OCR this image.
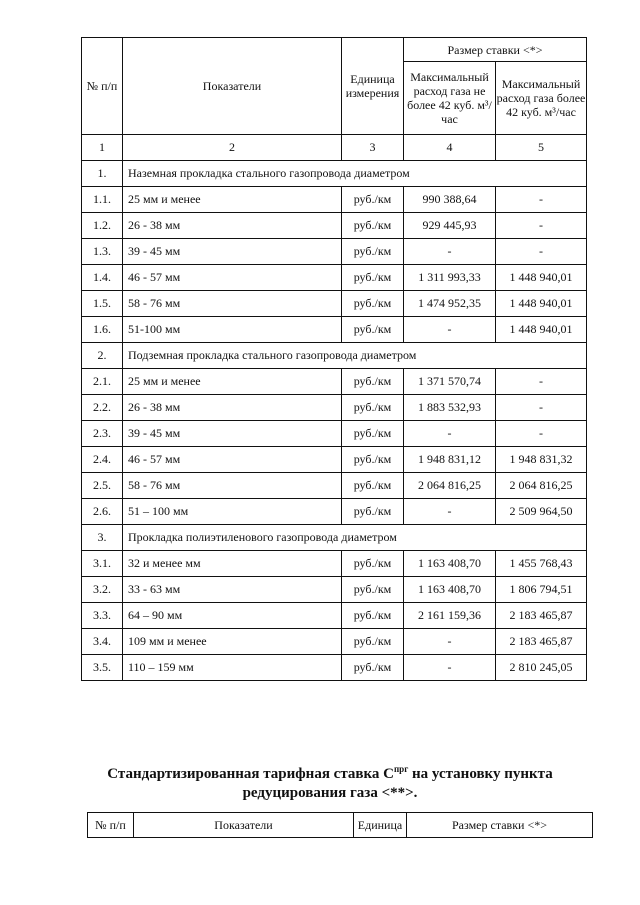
№ п/п	Показатели	Единица измерения	Размер ставки <*>	
			Максимальный расход газа не более 42 куб. м³/час	Максимальный расход газа более 42 куб. м³/час
1	2	3	4	5
1.	Наземная прокладка стального газопровода диаметром			
1.1.	25 мм и менее	руб./км	990 388,64	-
1.2.	26 - 38 мм	руб./км	929 445,93	-
1.3.	39 - 45 мм	руб./км	-	-
1.4.	46 - 57 мм	руб./км	1 311 993,33	1 448 940,01
1.5.	58 - 76 мм	руб./км	1 474 952,35	1 448 940,01
1.6.	51-100 мм	руб./км	-	1 448 940,01
2.	Подземная прокладка стального газопровода диаметром			
2.1.	25 мм и менее	руб./км	1 371 570,74	-
2.2.	26 - 38 мм	руб./км	1 883 532,93	-
2.3.	39 - 45 мм	руб./км	-	-
2.4.	46 - 57 мм	руб./км	1 948 831,12	1 948 831,32
2.5.	58 - 76 мм	руб./км	2 064 816,25	2 064 816,25
2.6.	51 – 100 мм	руб./км	-	2 509 964,50
3.	Прокладка полиэтиленового газопровода диаметром			
3.1.	32 и менее мм	руб./км	1 163 408,70	1 455 768,43
3.2.	33 - 63 мм	руб./км	1 163 408,70	1 806 794,51
3.3.	64 – 90 мм	руб./км	2 161 159,36	2 183 465,87
3.4.	109 мм и менее	руб./км	-	2 183 465,87
3.5.	110 – 159 мм	руб./км	-	2 810 245,05
Стандартизированная тарифная ставка $С^{прг}$ на установку пункта
редуцирования газа <**>.
№ п/п	Показатели	Единица	Размер ставки <*>
